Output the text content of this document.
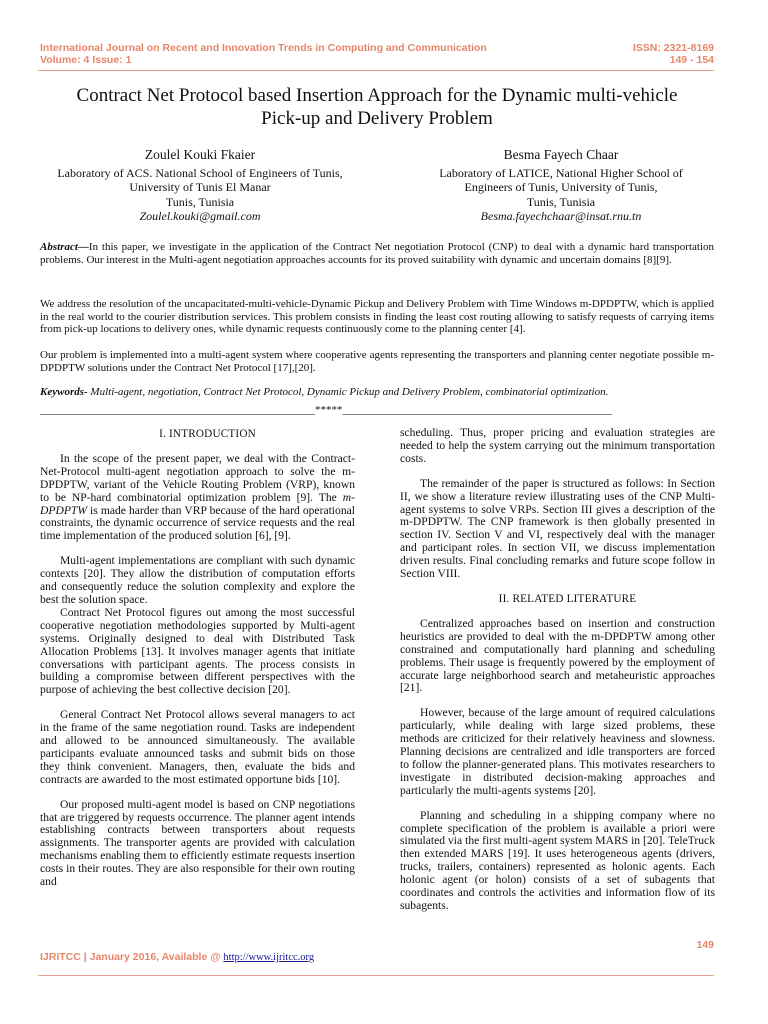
International Journal on Recent and Innovation Trends in Computing and Communication
Volume: 4 Issue: 1
ISSN: 2321-8169
149 - 154
Contract Net Protocol based Insertion Approach for the Dynamic multi-vehicle
Pick-up and Delivery Problem
Zoulel Kouki Fkaier
Laboratory of ACS. National School of Engineers of Tunis,
University of Tunis El Manar
Tunis, Tunisia
Zoulel.kouki@gmail.com
Besma Fayech Chaar
Laboratory of LATICE, National Higher School of
Engineers of Tunis, University of Tunis,
Tunis, Tunisia
Besma.fayechchaar@insat.rnu.tn
Abstract—In this paper, we investigate in the application of the Contract Net negotiation Protocol (CNP) to deal with a dynamic hard transportation problems. Our interest in the Multi-agent negotiation approaches accounts for its proved suitability with dynamic and uncertain domains [8][9].
We address the resolution of the uncapacitated-multi-vehicle-Dynamic Pickup and Delivery Problem with Time Windows m-DPDPTW, which is applied in the real world to the courier distribution services. This problem consists in finding the least cost routing allowing to satisfy requests of carrying items from pick-up locations to delivery ones, while dynamic requests continuously come to the planning center [4].
Our problem is implemented into a multi-agent system where cooperative agents representing the transporters and planning center negotiate possible m-DPDPTW solutions under the Contract Net Protocol [17],[20].
Keywords- Multi-agent, negotiation, Contract Net Protocol, Dynamic Pickup and Delivery Problem, combinatorial optimization.
__________________________________________________*****_________________________________________________

I. INTRODUCTION

In the scope of the present paper, we deal with the Contract-Net-Protocol multi-agent negotiation approach to solve the m-DPDPTW, variant of the Vehicle Routing Problem (VRP), known to be NP-hard combinatorial optimization problem [9]. The m-DPDPTW is made harder than VRP because of the hard operational constraints, the dynamic occurrence of service requests and the real time implementation of the produced solution [6], [9].

Multi-agent implementations are compliant with such dynamic contexts [20]. They allow the distribution of computation efforts and consequently reduce the solution complexity and explore the best the solution space.

Contract Net Protocol figures out among the most successful cooperative negotiation methodologies supported by Multi-agent systems. Originally designed to deal with Distributed Task Allocation Problems [13]. It involves manager agents that initiate conversations with participant agents. The process consists in building a compromise between different perspectives with the purpose of achieving the best collective decision [20].

General Contract Net Protocol allows several managers to act in the frame of the same negotiation round. Tasks are independent and allowed to be announced simultaneously. The available participants evaluate announced tasks and submit bids on those they think convenient. Managers, then, evaluate the bids and contracts are awarded to the most estimated opportune bids [10].

Our proposed multi-agent model is based on CNP negotiations that are triggered by requests occurrence. The planner agent intends establishing contracts between transporters about requests assignments. The transporter agents are provided with calculation mechanisms enabling them to efficiently estimate requests insertion costs in their routes. They are also responsible for their own routing and

scheduling. Thus, proper pricing and evaluation strategies are needed to help the system carrying out the minimum transportation costs.

The remainder of the paper is structured as follows: In Section II, we show a literature review illustrating uses of the CNP Multi-agent systems to solve VRPs. Section III gives a description of the m-DPDPTW. The CNP framework is then globally presented in section IV. Section V and VI, respectively deal with the manager and participant roles. In section VII, we discuss implementation driven results. Final concluding remarks and future scope follow in Section VIII.

II. RELATED LITERATURE

Centralized approaches based on insertion and construction heuristics are provided to deal with the m-DPDPTW among other constrained and computationally hard planning and scheduling problems. Their usage is frequently powered by the employment of accurate large neighborhood search and metaheuristic approaches [21].

However, because of the large amount of required calculations particularly, while dealing with large sized problems, these methods are criticized for their relatively heaviness and slowness. Planning decisions are centralized and idle transporters are forced to follow the planner-generated plans. This motivates researchers to investigate in distributed decision-making approaches and particularly the multi-agents systems [20].

Planning and scheduling in a shipping company where no complete specification of the problem is available a priori were simulated via the first multi-agent system MARS in [20]. TeleTruck then extended MARS [19]. It uses heterogeneous agents (drivers, trucks, trailers, containers) represented as holonic agents. Each holonic agent (or holon) consists of a set of subagents that coordinates and controls the activities and information flow of its subagents.

149
IJRITCC | January 2016, Available @ http://www.ijritcc.org
